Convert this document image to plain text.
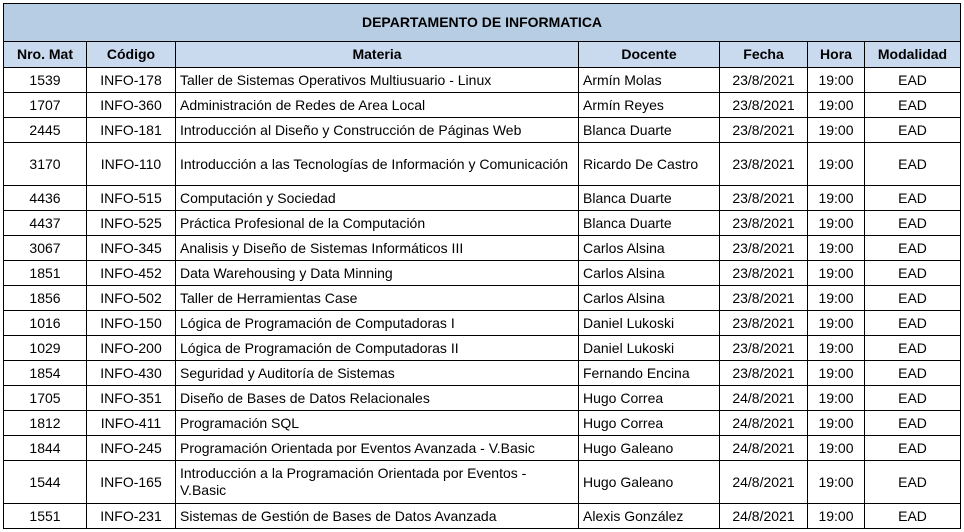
DEPARTAMENTO DE INFORMATICA						
Nro. Mat	Código	Materia	Docente	Fecha	Hora	Modalidad
1539	INFO-178	Taller de Sistemas Operativos Multiusuario - Linux	Armín Molas	23/8/2021	19:00	EAD
1707	INFO-360	Administración de Redes de Area Local	Armín Reyes	23/8/2021	19:00	EAD
2445	INFO-181	Introducción al Diseño y Construcción de Páginas Web	Blanca Duarte	23/8/2021	19:00	EAD
3170	INFO-110	Introducción a las Tecnologías de Información y Comunicación	Ricardo De Castro	23/8/2021	19:00	EAD
4436	INFO-515	Computación y Sociedad	Blanca Duarte	23/8/2021	19:00	EAD
4437	INFO-525	Práctica Profesional de la Computación	Blanca Duarte	23/8/2021	19:00	EAD
3067	INFO-345	Analisis y Diseño de Sistemas Informáticos III	Carlos Alsina	23/8/2021	19:00	EAD
1851	INFO-452	Data Warehousing y Data Minning	Carlos Alsina	23/8/2021	19:00	EAD
1856	INFO-502	Taller de Herramientas Case	Carlos Alsina	23/8/2021	19:00	EAD
1016	INFO-150	Lógica de Programación de Computadoras I	Daniel Lukoski	23/8/2021	19:00	EAD
1029	INFO-200	Lógica de Programación de Computadoras II	Daniel Lukoski	23/8/2021	19:00	EAD
1854	INFO-430	Seguridad y Auditoría de Sistemas	Fernando Encina	23/8/2021	19:00	EAD
1705	INFO-351	Diseño de Bases de Datos Relacionales	Hugo Correa	24/8/2021	19:00	EAD
1812	INFO-411	Programación SQL	Hugo Correa	24/8/2021	19:00	EAD
1844	INFO-245	Programación Orientada por Eventos Avanzada - V.Basic	Hugo Galeano	24/8/2021	19:00	EAD
1544	INFO-165	Introducción a la Programación Orientada por Eventos - V.Basic	Hugo Galeano	24/8/2021	19:00	EAD
1551	INFO-231	Sistemas de Gestión de Bases de Datos Avanzada	Alexis González	24/8/2021	19:00	EAD
